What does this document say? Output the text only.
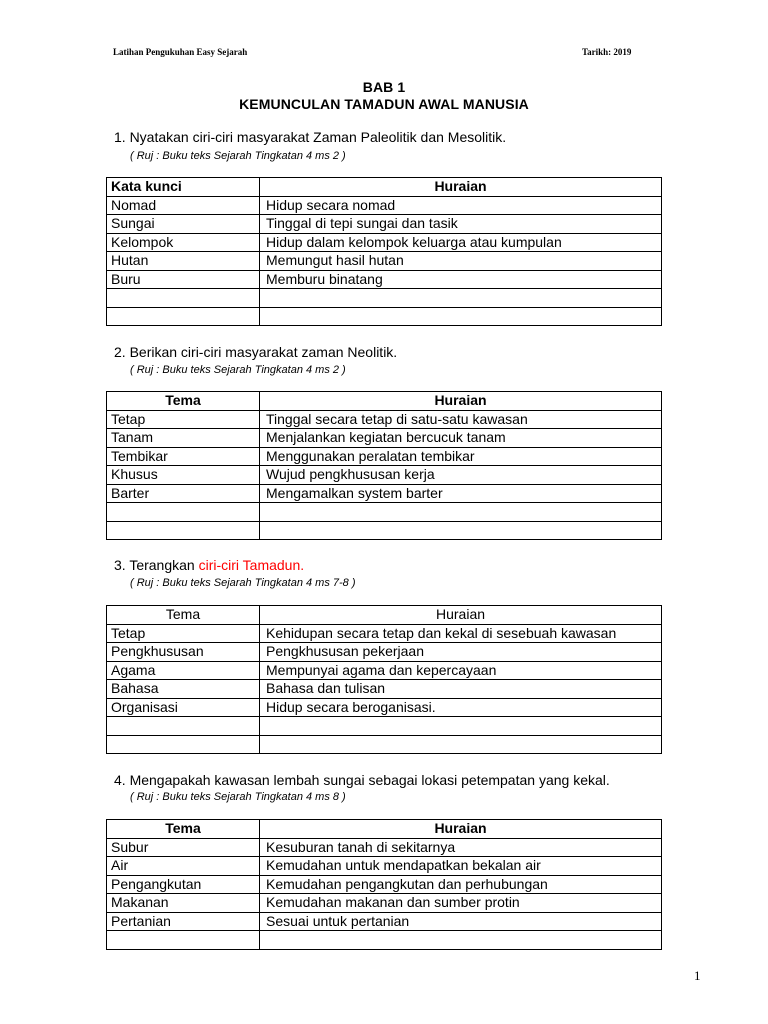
Latihan Pengukuhan Easy Sejarah	Tarikh: 2019
BAB 1
KEMUNCULAN TAMADUN AWAL MANUSIA
1. Nyatakan ciri-ciri masyarakat Zaman Paleolitik dan Mesolitik.
( Ruj : Buku teks Sejarah Tingkatan 4 ms 2 )
Kata kunci	Huraian
Nomad	Hidup secara nomad
Sungai	Tinggal di tepi sungai dan tasik
Kelompok	Hidup dalam kelompok keluarga atau kumpulan
Hutan	Memungut hasil hutan
Buru	Memburu binatang

2. Berikan ciri-ciri masyarakat zaman Neolitik.
( Ruj : Buku teks Sejarah Tingkatan 4 ms 2 )
Tema	Huraian
Tetap	Tinggal secara tetap di satu-satu kawasan
Tanam	Menjalankan kegiatan bercucuk tanam
Tembikar	Menggunakan peralatan tembikar
Khusus	Wujud pengkhususan kerja
Barter	Mengamalkan system barter

3. Terangkan ciri-ciri Tamadun.
( Ruj : Buku teks Sejarah Tingkatan 4 ms 7-8 )
Tema	Huraian
Tetap	Kehidupan secara tetap dan kekal di sesebuah kawasan
Pengkhususan	Pengkhususan pekerjaan
Agama	Mempunyai agama dan kepercayaan
Bahasa	Bahasa dan tulisan
Organisasi	Hidup secara beroganisasi.

4. Mengapakah kawasan lembah sungai sebagai lokasi petempatan yang kekal.
( Ruj : Buku teks Sejarah Tingkatan 4 ms 8 )
Tema	Huraian
Subur	Kesuburan tanah di sekitarnya
Air	Kemudahan untuk mendapatkan bekalan air
Pengangkutan	Kemudahan pengangkutan dan perhubungan
Makanan	Kemudahan makanan dan sumber protin
Pertanian	Sesuai untuk pertanian

1
